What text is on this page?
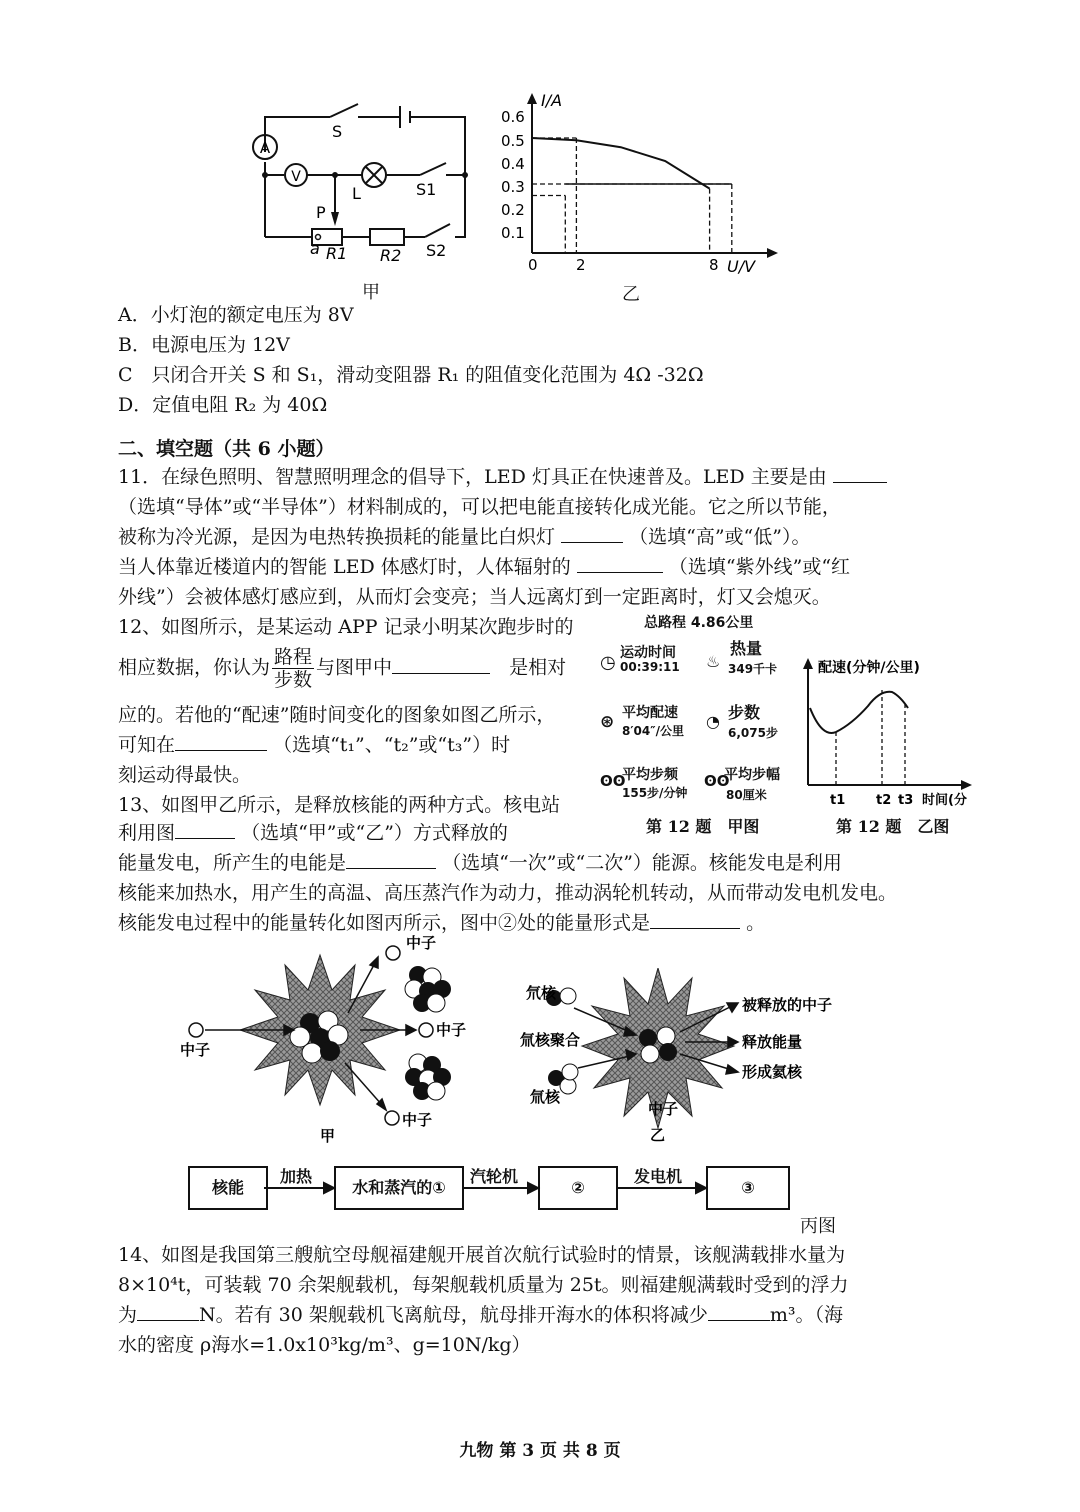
A
V
S
L	S1
P
a R1 R2 S2
甲
I/A
U/V
0.6
0.5
0.4
0.3
0.2
0.1
0	2	8
乙
A．小灯泡的额定电压为 8V
B．电源电压为 12V
C　只闭合开关 S 和 S₁，滑动变阻器 R₁ 的阻值变化范围为 4Ω -32Ω
D．定值电阻 R₂ 为 40Ω
二、填空题（共 6 小题）
11．在绿色照明、智慧照明理念的倡导下，LED 灯具正在快速普及。LED 主要是由
（选填“导体”或“半导体”）材料制成的，可以把电能直接转化成光能。它之所以节能，
被称为冷光源，是因为电热转换损耗的能量比白炽灯	（选填“高”或“低”）。
当人体靠近楼道内的智能 LED 体感灯时，人体辐射的	（选填“紫外线”或“红
外线”）会被体感灯感应到，从而灯会变亮；当人远离灯到一定距离时，灯又会熄灭。
12、如图所示，是某运动 APP 记录小明某次跑步时的
相应数据，你认为 $\frac{\text{路程}}{\text{步数}}$ 与图甲中　	是相对
应的。若他的“配速”随时间变化的图象如图乙所示，
可知在	（选填“t₁”、“t₂”或“t₃”）时
刻运动得最快。
总路程 4.86公里
◷ 运动时间
00:39:11 ♨
热量
349千卡
⊛ 平均配速
8′04″/公里 ◔ 步数
6,075步
ʘʘ
平均步频
155步/分钟
ʘʘ
平均步幅
80厘米
第 12 题　甲图
配速(分钟/公里)
t1 t2 t3 时间(分
第 12 题　乙图
13、如图甲乙所示，是释放核能的两种方式。核电站
利用图	（选填“甲”或“乙”）方式释放的
能量发电，所产生的电能是	（选填“一次”或“二次”）能源。核能发电是利用
核能来加热水，用产生的高温、高压蒸汽作为动力，推动涡轮机转动，从而带动发电机发电。
核能发电过程中的能量转化如图丙所示，图中②处的能量形式是	。
中子
中子
中子
中子
甲
氘核
氚核聚合
氚核
被释放的中子
释放能量
形成氦核
中子
乙
核能	水和蒸汽的①	②	③
加热	汽轮机	发电机
丙图
14、如图是我国第三艘航空母舰福建舰开展首次航行试验时的情景，该舰满载排水量为
8×10⁴t，可装载 70 余架舰载机，每架舰载机质量为 25t。则福建舰满载时受到的浮力
为	N。若有 30 架舰载机飞离航母，航母排开海水的体积将减少	m³。（海
水的密度 ρ海水=1.0x10³kg/m³、g=10N/kg）
九物 第 3 页 共 8 页
